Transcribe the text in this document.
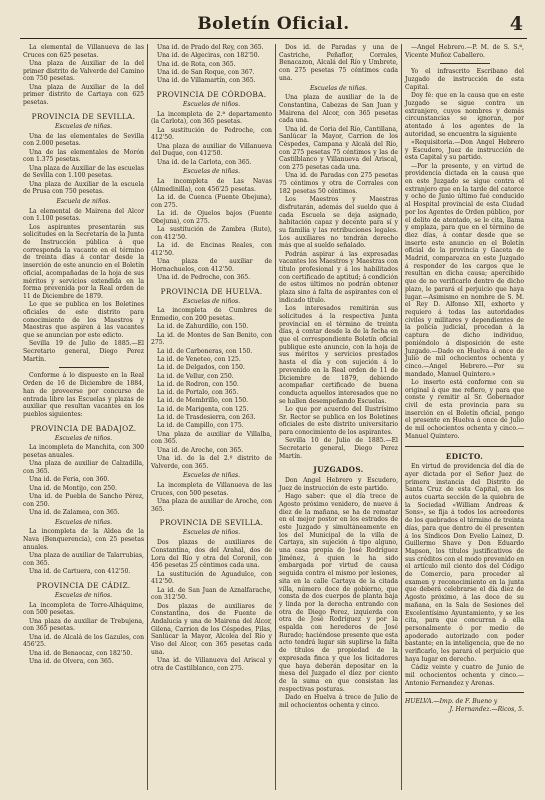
Boletín Oficial.	4

La elemental de Villanueva de las Cruces con 625 pesetas.

Una plaza de Auxiliar de la del primer distrito de Valverde del Camino con 750 pesetas.

Una plaza de Auxiliar de la del primer distrito de Cartaya con 625 pesetas.

PROVINCIA DE SEVILLA.
Escuelas de niñas.

Una de las elementales de Sevilla con 2.000 pesetas.

Una de las elementales de Morón con 1.375 pesetas.

Una plaza de Auxiliar de las escuelas de Sevilla con 1.100 pesetas.

Una plaza de Auxiliar de la escuela de Prusa con 750 pesetas.

Escuela de niños.

La elemental de Mairena del Alcor con 1.100 pesetas.

Los aspirantes presentarán sus solicitudes en la Secretaría de la Junta de Instrucción pública á que corresponda la vacante en el término de treinta días á contar desde la inserción de este anuncio en el Boletín oficial, acompañadas de la hoja de sus méritos y servicios extendida en la forma prevenida por la Real orden de 11 de Diciembre de 1879.

Lo que se publica en los Boletines oficiales de este distrito para conocimiento de los Maestros y Maestras que aspiren á las vacantes que se anuncian por este edicto.

Sevilla 19 de Julio de 1885.—El Secretario general, Diego Perez Martín.

Conforme á lo dispuesto en la Real Orden de 16 de Diciembre de 1884, han de proveerse por concurso de entrada libre las Escuelas y plazas de auxiliar que resultan vacantes en los pueblos siguientes:

PROVINCIA DE BADAJOZ.
Escuelas de niños.

La incompleta de Manchita, con 300 pesetas anuales.

Una plaza de auxiliar de Calzadilla, con 365.

Una id. de Feria, con 360.

Una id. de Montijo, con 250.

Una id. de Puebla de Sancho Pérez, con 250.

Una id. de Zalamea, con 365.

Escuelas de niñas.

La incompleta de la Aldea de la Nava (Benquerencia), con 25 pesetas anuales.

Una plaza de auxiliar de Talarrubias, con 365.

Una id. de Cartuera, con 412'50.

PROVINCIA DE CÁDIZ.
Escuelas de niños.

La incompleta de Torre-Alháquime, con 500 pesetas.

Una plaza de auxiliar de Trebujena, con 365 pesetas.

Una id. de Alcalá de los Gazules, con 456'25.

Una id. de Benaocaz, con 182'50.

Una id. de Olvera, con 365.

Una id. de Prado del Rey, con 365.

Una id. de Algeciras, con 182'50.

Una id. de Rota, con 365.

Una id. de San Roque, con 367.

Una id. de Villamartín, con 365.

PROVINCIA DE CÓRDOBA.
Escuelas de niños.

La incompleta de 2.ª departamento (la Carlota), con 365 pesetas.

La sustitución de Pedroche, con 412'50.

Una plaza de auxiliar de Villanueva del Duque, con 412'50.

Una id. de la Carlota, con 365.

Escuelas de niñas.

La incompleta de Las Navas (Almedinilla), con 456'25 pesetas.

La id. de Cuenca (Fuente Obejuna), con 275.

La id. de Ojuelos bajos (Fuente Obejuna), con 275.

La sustitución de Zambra (Rute), con 412'50.

La id. de Encinas Reales, con 412'50.

Una plaza de auxiliar de Hornachuelos, con 412'50.

Una id. de Pedroche, con 365.

PROVINCIA DE HUELVA.
Escuelas de niños.

La incompleta de Cumbres de Enmedio, con 200 pesetas.

La id. de Zahurdillo, con 150.

La id. de Montes de San Benito, con 275.

La id. de Carboneras, con 150.

La id. de Veneteo, con 125.

La id. de Delgados, con 150.

La id. de Vellur, con 250.

La id. de Rodron, con 150.

La id. de Portalo, con 365.

La id. de Membrillo, con 150.

La id. de Marigenta, con 125.

La id. de Trasdesierra, con 263.

La id. de Campillo, con 175.

Una plaza de auxiliar de Villalba, con 365.

Una id. de Aroche, con 365.

Una id. de la del 2.º distrito de Valverde, con 365.

Escuelas de niñas.

La incompleta de Villanueva de las Cruces, con 500 pesetas.

Una plaza de auxiliar de Aroche, con 365.

PROVINCIA DE SEVILLA.
Escuelas de niños.

Dos plazas de auxiliares de Constantina, dos del Arahal, dos de Lora del Río y otra del Coronil, con 456 pesetas 25 céntimos cada una.

La sustitución de Aguadulce, con 412'50.

La id. de San Juan de Aznalfarache, con 312'50.

Dos plazas de auxiliares de Constantina, dos de Fuente de Andalucía y una de Mairena del Alcor, Gilena, Carrion de los Céspedes, Pilas, Sanlúcar la Mayor, Alcolea del Río y Viso del Alcor, con 365 pesetas cada una.

Una id. de Villanueva del Ariscal y otra de Castilblanco, con 275.

Dos id. de Paradas y una de Castriche, Peñaflor, Corrales, Benacazon, Alcalá del Río y Umbrete, con 275 pesetas 75 céntimos cada una.

Escuelas de niñas.

Una plaza de auxiliar de la de Constantina, Cabezas de San Juan y Mairena del Alcor, con 365 pesetas cada una.

Una id. de Coria del Río, Cantillana, Sanlúcar la Mayor, Carrion de los Céspedes, Campana y Alcalá del Río, con 275 pesetas 75 céntimos y las de Castilblanco y Villanueva del Ariscal, con 275 pesetas cada una.

Una id. de Paradas con 275 pesetas 75 céntimos y otra de Corrales con 182 pesetas 50 céntimos.

Los Maestros y Maestras disfrutarán, además del sueldo que á cada Escuela se deja asignado, habitación capaz y decente para sí y su familia y las retribuciones legales. Los auxiliares no tendrán derecho más que al sueldo señalado.

Podrán aspirar á las expresadas vacantes los Maestros y Maestras con título profesional y á los habilitados con certificado de aptitud; á condición de estos últimos no podrán obtener plaza sino á falta de aspirantes con el indicado título.

Los interesados remitirán sus solicitudes á la respectiva Junta provincial en el término de treinta días, á contar desde la de la fecha en que el correspondiente Boletín oficial publique este anuncio, con la hoja de sus méritos y servicios prestados hasta el día y con sujeción á lo prevenido en la Real orden de 11 de Diciembre de 1879, debiendo acompañar certificado de buena conducta aquellos interesados que no se hallen desempeñando Escuelas.

Lo que por acuerdo del Ilustrísimo Sr. Rector se publica en los Boletines oficiales de este distrito universitario para conocimiento de los aspirantes.

Sevilla 10 de Julio de 1885.—El Secretario general, Diego Perez Martín.

JUZGADOS.

Don Angel Hebrero y Escudero, Juez de instrucción de este partido.

Hago saber: que el día trece de Agosto próximo venidero, de nueve á diez de la mañana, se ha de rematar en el mejor postor en los estrados de este Juzgado y simultáneamente en los del Municipal de la villa de Cartaya, sin sujeción á tipo alguno, una casa propia de José Rodríguez Jiménez, á quien le ha sido embargada por virtud de causa seguida contra el mismo por lesiones, sita en la calle Cartaya de la citada villa, número doce de gobierno, que consta de dos cuerpos de planta baja y linda por la derecha entrando con otra de Diego Perez, izquierda con otra de José Rodríguez y por la espalda con herederos de José Rurado; haciéndose presente que esta acto tendrá lugar sin suplirse la falta de títulos de propiedad de la expresada finca y que los licitadores que haya deberán depositar en la mesa del Juzgado el diez por ciento de la suma en que consistan las respectivas posturas.

Dado en Huelva á trece de Julio de mil ochocientos ochenta y cinco.

—Angel Hebrero.—P. M. de S. S.ª, Vicente Muñoz Caballero.

Yo el infrascrito Escribano del Juzgado de instrucción de esta Capital.

Doy fé: que en la causa que en este Juzgado se sigue contra un extranjero, cuyos nombres y demás circunstancias se ignoran, por atentado á los agentes de la autoridad, se encuentra la siguiente

«Requisitoria.—Don Angel Hebrero y Escudero, Juez de instrucción de esta Capital y su partido.

—Por la presente, y en virtud de providencia dictada en la causa que en este Juzgado se sigue contra el extranjero que en la tarde del catorce y ocho de Junio último fué conducido al Hospital provincial de esta Ciudad por los Agentes de Orden público, por el delito de atentado, se le cita, llama y emplaza, para que en el término de diez días, á contar desde que se inserte este anuncio en el Boletín oficial de la provincia y Gaceta de Madrid, comparezca en este Juzgado á responder de los cargos que le resultan en dicha causa; apercibido que de no verificarlo dentro de dicho plazo, le parará el perjuicio que haya lugar.—Asimismo en nombre de S. M. el Rey D. Alfonso XII, exhorto y requiero á todas las autoridades civiles y militares y dependientes de la policía judicial, procedan á la captura de dicho individuo, poniéndolo á disposición de este Juzgado.—Dado en Huelva á once de Julio de mil ochocientos ochenta y cinco.—Angel Hebrero.—Por su mandado, Manuel Quintero.»

Lo inserto está conforme con su original á que me refiero, y para que conste y remitir al Sr. Gobernador civil de esta provincia para su inserción en el Boletín oficial, pongo el presente en Huelva á once de Julio de mil ochocientos ochenta y cinco.—Manuel Quintero.

EDICTO.

En virtud de providencia del día de ayer dictada por el Señor Juez de primera instancia del Distrito de Santa Cruz de esta Capital, en los autos cuarta sección de la quiebra de la Sociedad «William Andreas & Sons», se fija á todos los acreedores de los quebrados el término de treinta días, para que dentro de él presenten á los Síndicos Don Evelio Lainez, D. Guillermo Shave y Don Eduardo Mapson, los títulos justificativos de sus créditos con el modo prevenido en el artículo mil ciento dos del Código de Comercio, para proceder al examen y reconocimiento en la junta que deberá celebrarse el día diez de Agosto próximo, á las doce de su mañana, en la Sala de Sesiones del Excelentísimo Ayuntamiento, y se les cita, para que concurran á ella personalmente ó por medio de apoderado autorizado con poder bastante; en la inteligencia, que de no verificarlo, les parará el perjuicio que haya lugar en derecho.

Cádiz veinte y cuatro de Junio de mil ochocientos ochenta y cinco.—Antonio Fernandez y Arenas.

HUELVA.—Imp. de F. Bueno y
J. Hernandez.—Ricos, 5.
